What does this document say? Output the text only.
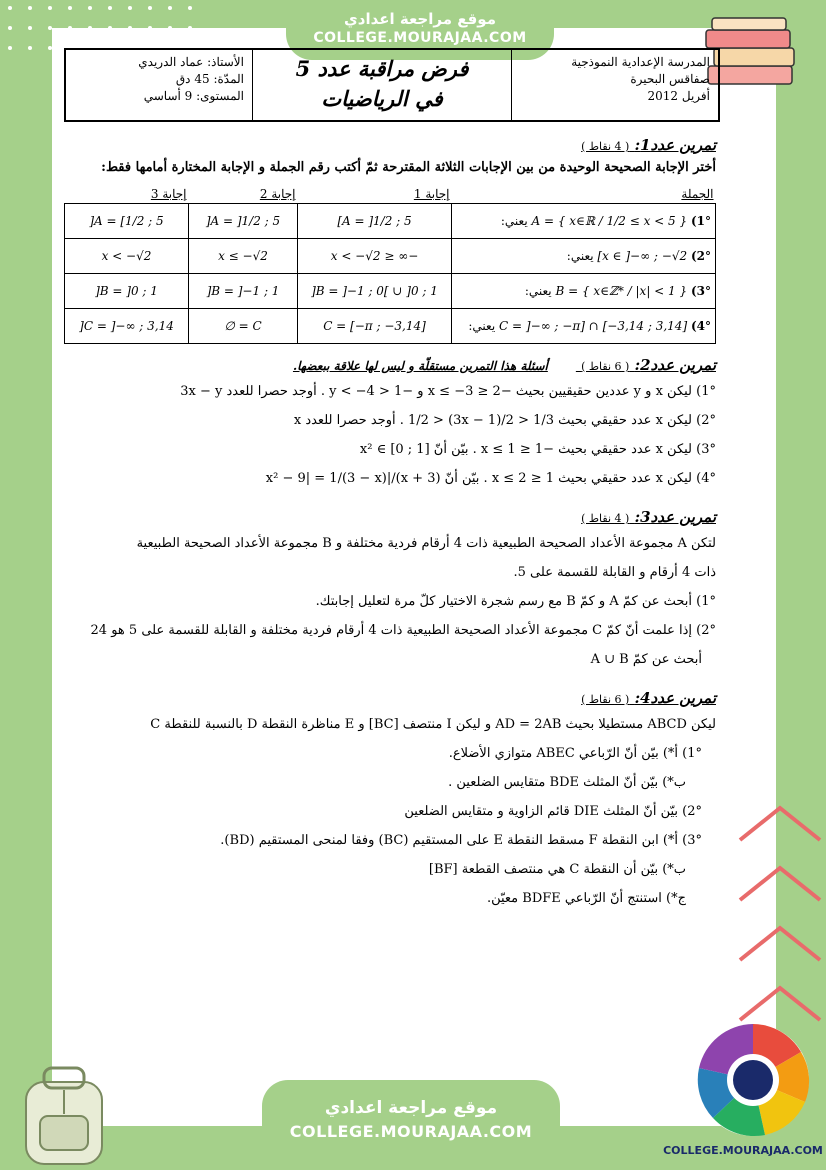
موقع مراجعة اعدادي
COLLEGE.MOURAJAA.COM
المدرسة الإعدادية النموذجية
صفاقس البحيرة
أفريل 2012
فرض مراقبة عدد 5
في الرياضيات
الأستاذ: عماد الدريدي
المدّة: 45 دق
المستوى: 9 أساسي
تمرين عدد1: ( 4 نقاط )
أختر الإجابة الصحيحة الوحيدة من بين الإجابات الثلاثة المقترحة ثمّ أكتب رقم الجملة و الإجابة المختارة أمامها فقط:
الجملة	إجابة 1	إجابة 2	إجابة 3
1°) A = { x∈ℝ / 1/2 ≤ x < 5 } يعني:	A = ]1/2 ; 5]	A = ]1/2 ; 5[	A = [1/2 ; 5[
2°) x ∈ ]−∞ ; −√2] يعني:	−∞ ≤ x < −√2	x ≤ −√2	x < −√2
3°) B = { x∈ℤ* / |x| < 1 } يعني:	B = ]−1 ; 0[ ∪ ]0 ; 1[	B = ]−1 ; 1[	B = ]0 ; 1[
4°) C = ]−∞ ; −π] ∩ [−3,14 ; 3,14] يعني:	C = [−π ; −3,14]	C = ∅	C = ]−∞ ; 3,14[
تمرين عدد2: ( 6 نقاط ) أسئلة هذا التمرين مستقلّة و ليس لها علاقة ببعضها.
1°) ليكن x و y عددين حقيقيين بحيث −2 ≤ x ≤ −3 و −1 < y < −4 . أوجد حصرا للعدد 3x − y
2°) ليكن x عدد حقيقي بحيث 1/3 < 2/(1 − 3x) < 1/2 . أوجد حصرا للعدد x
3°) ليكن x عدد حقيقي بحيث −1 ≤ x ≤ 1 . بيّن أنّ x² ∈ [0 ; 1]
4°) ليكن x عدد حقيقي بحيث 1 ≤ x ≤ 2 . بيّن أنّ (x + 3)/|x² − 9| = 1/(3 − x)
تمرين عدد3: ( 4 نقاط )
لتكن A مجموعة الأعداد الصحيحة الطبيعية ذات 4 أرقام فردية مختلفة و B مجموعة الأعداد الصحيحة الطبيعية
ذات 4 أرقام و القابلة للقسمة على 5.
1°) أبحث عن كمّ A و كمّ B مع رسم شجرة الاختيار كلّ مرة لتعليل إجابتك.
2°) إذا علمت أنّ كمّ C مجموعة الأعداد الصحيحة الطبيعية ذات 4 أرقام فردية مختلفة و القابلة للقسمة على 5 هو 24
أبحث عن كمّ A ∪ B
تمرين عدد4: ( 6 نقاط )
ليكن ABCD مستطيلا بحيث AD = 2AB و ليكن I منتصف [BC] و E مناظرة النقطة D بالنسبة للنقطة C
1°) أ*) بيّن أنّ الرّباعي ABEC متوازي الأضلاع.
ب*) بيّن أنّ المثلث BDE متقايس الضلعين .
2°) بيّن أنّ المثلث DIE قائم الزاوية و متقايس الضلعين
3°) أ*) ابن النقطة F مسقط النقطة E على المستقيم (BC) وفقا لمنحى المستقيم (BD).
ب*) بيّن أن النقطة C هي منتصف القطعة [BF]
ج*) استنتج أنّ الرّباعي BDFE معيّن.
موقع مراجعة اعدادي
COLLEGE.MOURAJAA.COM
COLLEGE.MOURAJAA.COM
